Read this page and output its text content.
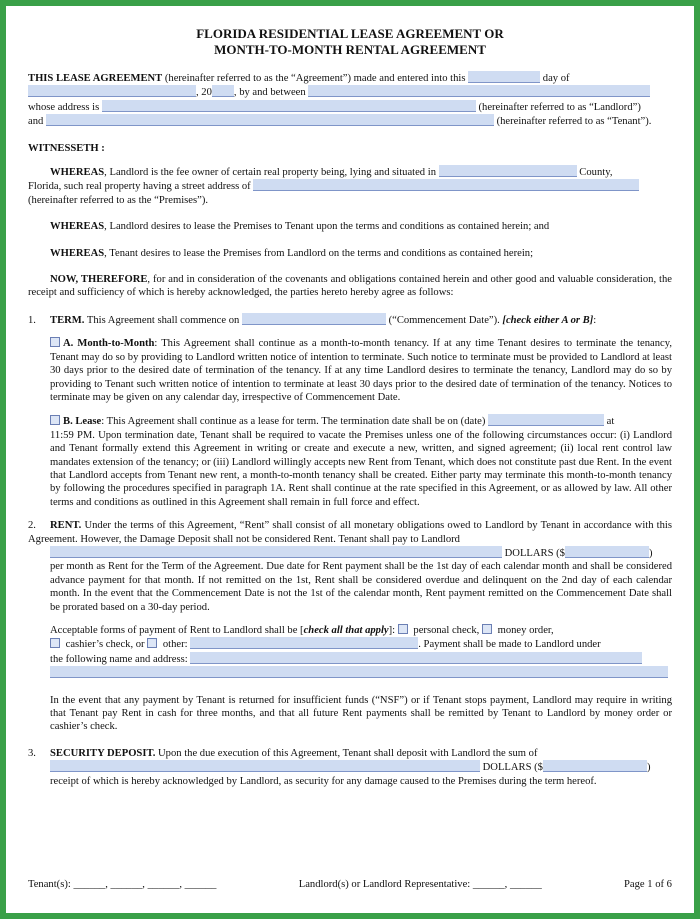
FLORIDA RESIDENTIAL LEASE AGREEMENT OR

MONTH-TO-MONTH RENTAL AGREEMENT

THIS LEASE AGREEMENT (hereinafter referred to as the “Agreement”) made and entered into this	day of
, 20 , by and between
whose address is	(hereinafter referred to as “Landlord”)
and	(hereinafter referred to as “Tenant”).

WITNESSETH :

WHEREAS, Landlord is the fee owner of certain real property being, lying and situated in	County,
Florida, such real property having a street address of
(hereinafter referred to as the “Premises”).

WHEREAS, Landlord desires to lease the Premises to Tenant upon the terms and conditions as contained herein; and

WHEREAS, Tenant desires to lease the Premises from Landlord on the terms and conditions as contained herein;

NOW, THEREFORE, for and in consideration of the covenants and obligations contained herein and other good and valuable consideration, the receipt and sufficiency of which is hereby acknowledged, the parties hereto hereby agree as follows:

1. TERM. This Agreement shall commence on	(“Commencement Date”). [check either A or B]:

A. Month-to-Month: This Agreement shall continue as a month-to-month tenancy. If at any time Tenant desires to terminate the tenancy, Tenant may do so by providing to Landlord written notice of intention to terminate. Such notice to terminate must be provided to Landlord at least 30 days prior to the desired date of termination of the tenancy. If at any time Landlord desires to terminate the tenancy, Landlord may do so by providing to Tenant such written notice of intention to terminate at least 30 days prior to the desired date of termination of the tenancy. Notices to terminate may be given on any calendar day, irrespective of Commencement Date.

B. Lease: This Agreement shall continue as a lease for term. The termination date shall be on (date)	at
11:59 PM. Upon termination date, Tenant shall be required to vacate the Premises unless one of the following circumstances occur: (i) Landlord and Tenant formally extend this Agreement in writing or create and execute a new, written, and signed agreement; (ii) local rent control law mandates extension of the tenancy; or (iii) Landlord willingly accepts new Rent from Tenant, which does not constitute past due Rent. In the event that Landlord accepts from Tenant new rent, a month-to-month tenancy shall be created. Either party may terminate this month-to-month tenancy by following the procedures specified in paragraph 1A. Rent shall continue at the rate specified in this Agreement, or as allowed by law. All other terms and conditions as outlined in this Agreement shall remain in full force and effect.

2. RENT. Under the terms of this Agreement, “Rent” shall consist of all monetary obligations owed to Landlord by Tenant in accordance with this Agreement. However, the Damage Deposit shall not be considered Rent. Tenant shall pay to Landlord

DOLLARS ($	)

per month as Rent for the Term of the Agreement. Due date for Rent payment shall be the 1st day of each calendar month and shall be considered advance payment for that month. If not remitted on the 1st, Rent shall be considered overdue and delinquent on the 2nd day of each calendar month. In the event that the Commencement Date is not the 1st of the calendar month, Rent payment remitted on the Commencement Date shall be prorated based on a 30-day period.

Acceptable forms of payment of Rent to Landlord shall be [check all that apply]:  personal check,  money order,
cashier’s check, or  other:	. Payment shall be made to Landlord under
the following name and address:

In the event that any payment by Tenant is returned for insufficient funds (“NSF”) or if Tenant stops payment, Landlord may require in writing that Tenant pay Rent in cash for three months, and that all future Rent payments shall be remitted by Tenant to Landlord by money order or cashier’s check.

3. SECURITY DEPOSIT. Upon the due execution of this Agreement, Tenant shall deposit with Landlord the sum of

DOLLARS ($	)

receipt of which is hereby acknowledged by Landlord, as security for any damage caused to the Premises during the term hereof.

Tenant(s): ______, ______, ______, ______	Landlord(s) or Landlord Representative: ______, ______	Page 1 of 6
